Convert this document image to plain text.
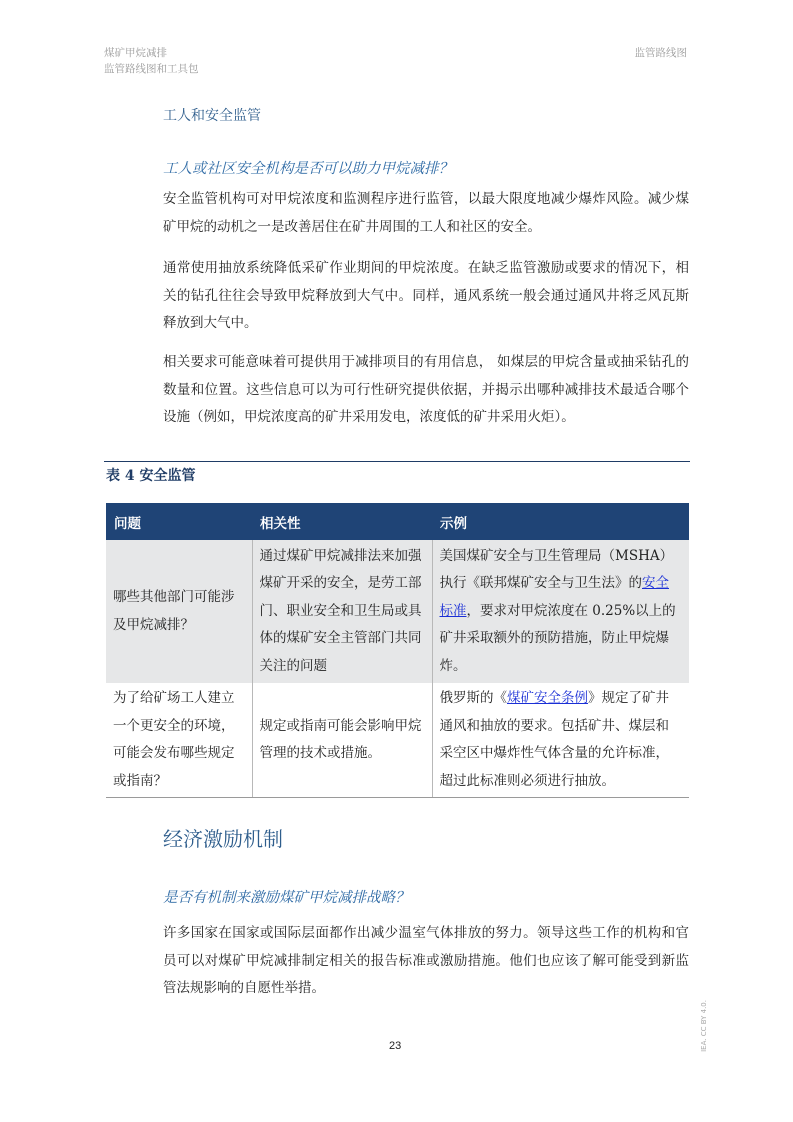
煤矿甲烷减排
监管路线图和工具包
监管路线图
工人和安全监管
工人或社区安全机构是否可以助力甲烷减排？

安全监管机构可对甲烷浓度和监测程序进行监管，以最大限度地减少爆炸风险。减少煤矿甲烷的动机之一是改善居住在矿井周围的工人和社区的安全。

通常使用抽放系统降低采矿作业期间的甲烷浓度。在缺乏监管激励或要求的情况下，相关的钻孔往往会导致甲烷释放到大气中。同样，通风系统一般会通过通风井将乏风瓦斯释放到大气中。

相关要求可能意味着可提供用于减排项目的有用信息， 如煤层的甲烷含量或抽采钻孔的数量和位置。这些信息可以为可行性研究提供依据，并揭示出哪种减排技术最适合哪个设施（例如，甲烷浓度高的矿井采用发电，浓度低的矿井采用火炬）。

表 4 安全监管
问题	相关性	示例
哪些其他部门可能涉及甲烷减排？	通过煤矿甲烷减排法来加强煤矿开采的安全，是劳工部门、职业安全和卫生局或具体的煤矿安全主管部门共同关注的问题	美国煤矿安全与卫生管理局（MSHA）执行《联邦煤矿安全与卫生法》的安全标准，要求对甲烷浓度在 0.25%以上的矿井采取额外的预防措施，防止甲烷爆炸。
为了给矿场工人建立一个更安全的环境，可能会发布哪些规定或指南？	规定或指南可能会影响甲烷管理的技术或措施。	俄罗斯的《煤矿安全条例》规定了矿井通风和抽放的要求。包括矿井、煤层和采空区中爆炸性气体含量的允许标准，超过此标准则必须进行抽放。
经济激励机制
是否有机制来激励煤矿甲烷减排战略？

许多国家在国家或国际层面都作出减少温室气体排放的努力。领导这些工作的机构和官员可以对煤矿甲烷减排制定相关的报告标准或激励措施。他们也应该了解可能受到新监管法规影响的自愿性举措。

23	IEA. CC BY 4.0.
